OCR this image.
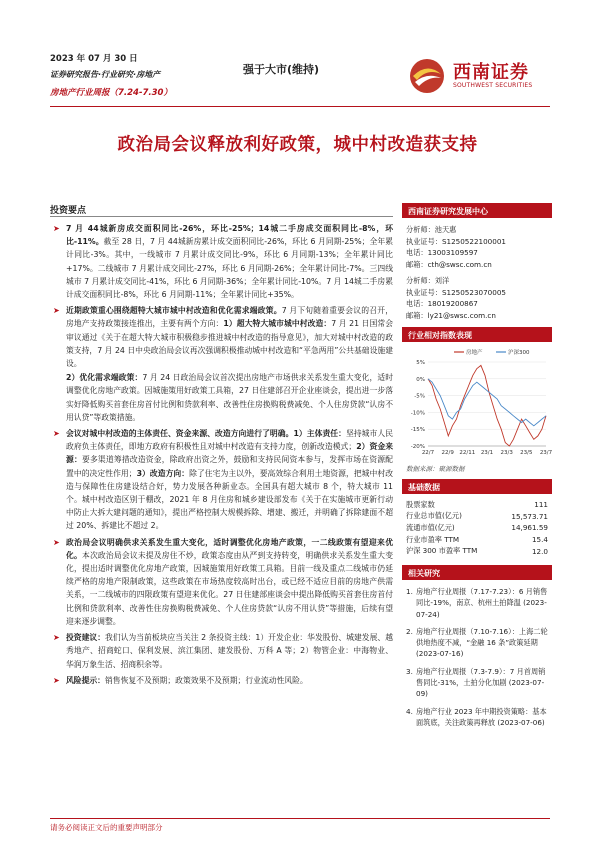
2023 年 07 月 30 日
证券研究报告·行业研究·房地产
房地产行业周报（7.24-7.30）
强于大市(维持)	西南证券
SOUTHWEST SECURITIES
政治局会议释放利好政策，城中村改造获支持
投资要点
➤ 7 月 44城新房成交面积同比-26%，环比-25%；14城二手房成交面积同比-8%，环比-11%。截至 28 日，7 月 44城新房累计成交面积同比-26%，环比 6 月同期-25%；全年累计同比-3%。其中，一线城市 7 月累计成交同比-9%，环比 6 月同期-13%；全年累计同比+17%。二线城市 7 月累计成交同比-27%，环比 6 月同期-26%；全年累计同比-7%。三四线城市 7 月累计成交同比-41%，环比 6 月同期-36%；全年累计同比-10%。7 月 14城二手房累计成交面积同比-8%，环比 6 月同期-11%；全年累计同比+35%。
➤ 近期政策重心围绕超特大城市城中村改造和优化需求端政策。7 月下旬随着重要会议的召开，房地产支持政策接连推出，主要有两个方向：1）超大特大城市城中村改造：7 月 21 日国常会审议通过《关于在超大特大城市积极稳步推进城中村改造的指导意见》，加大对城中村改造的政策支持，7 月 24 日中央政治局会议再次强调积极推动城中村改造和“平急两用”公共基础设施建设。
2）优化需求端政策：7 月 24 日政治局会议首次提出房地产市场供求关系发生重大变化，适时调整优化房地产政策。因城施策用好政策工具箱，27 日住建部召开企业座谈会，提出进一步落实好降低购买首套住房首付比例和贷款利率、改善性住房换购税费减免、个人住房贷款“认房不用认贷”等政策措施。
➤ 会议对城中村改造的主体责任、资金来源、改造方向进行了明确。1）主体责任：坚持城市人民政府负主体责任，即地方政府有积极性且对城中村改造有支持力度，创新改造模式；2）资金来源：要多渠道筹措改造资金，除政府出资之外，鼓励和支持民间资本参与，发挥市场在资源配置中的决定性作用；3）改造方向：除了住宅为主以外，要高效综合利用土地资源，把城中村改造与保障性住房建设结合好，势力发展各种新业态。全国具有超大城市 8 个，特大城市 11 个。城中村改造区别于棚改，2021 年 8 月住房和城乡建设部发布《关于在实施城市更新行动中防止大拆大建问题的通知》，提出严格控制大规模拆除、增建、搬迁，并明确了拆除建面不超过 20%、拆建比不超过 2。
➤ 政治局会议明确供求关系发生重大变化，适时调整优化房地产政策，一二线政策有望迎来优化。本次政治局会议未提及房住不炒，政策态度由从严到支持转变，明确供求关系发生重大变化，提出适时调整优化房地产政策，因城施策用好政策工具箱。目前一线及重点二线城市仍延续严格的房地产限制政策，这些政策在市场热度较高时出台，或已经不适应目前的房地产供需关系，一二线城市的四限政策有望迎来优化。27 日住建部座谈会中提出降低购买首套住房首付比例和贷款利率、改善性住房换购税费减免、个人住房贷款“认房不用认贷”等措施，后续有望迎来逐步调整。
➤ 投资建议：我们认为当前板块应当关注 2 条投资主线：1）开发企业：华发股份、城建发展、越秀地产、招商蛇口、保利发展、滨江集团、建发股份、万科 A 等；2）物管企业：中海物业、华润万象生活、招商积余等。
➤ 风险提示：销售恢复不及预期；政策效果不及预期；行业流动性风险。
西南证券研究发展中心
分析师：池天惠
执业证号：S1250522100001
电话：13003109597
邮箱：cth@swsc.com.cn
分析师：刘洋
执业证号：S1250523070005
电话：18019200867
邮箱：ly21@swsc.com.cn
行业相对指数表现
5%
0%
-5%
-10%
-15%
-20%
22/7 22/9 22/11 23/1 23/3 23/5 23/7
房地产	沪深300
数据来源：聚源数据
基础数据
股票家数	111
行业总市值(亿元)	15,573.71
流通市值(亿元)	14,961.59
行业市盈率 TTM	15.4
沪深 300 市盈率 TTM	12.0
相关研究
1. 房地产行业周报（7.17-7.23）：6 月销售同比-19%，南京、杭州土拍降温 (2023-07-24)
2. 房地产行业周报（7.10-7.16）：上海二轮供地热度不减，“金融 16 条”政策延期 (2023-07-16)
3. 房地产行业周报（7.3-7.9）：7 月首周销售同比-31%，土拍分化加剧 (2023-07-09)
4. 房地产行业 2023 年中期投资策略：基本面筑底，关注政策再释放 (2023-07-06)
请务必阅读正文后的重要声明部分
